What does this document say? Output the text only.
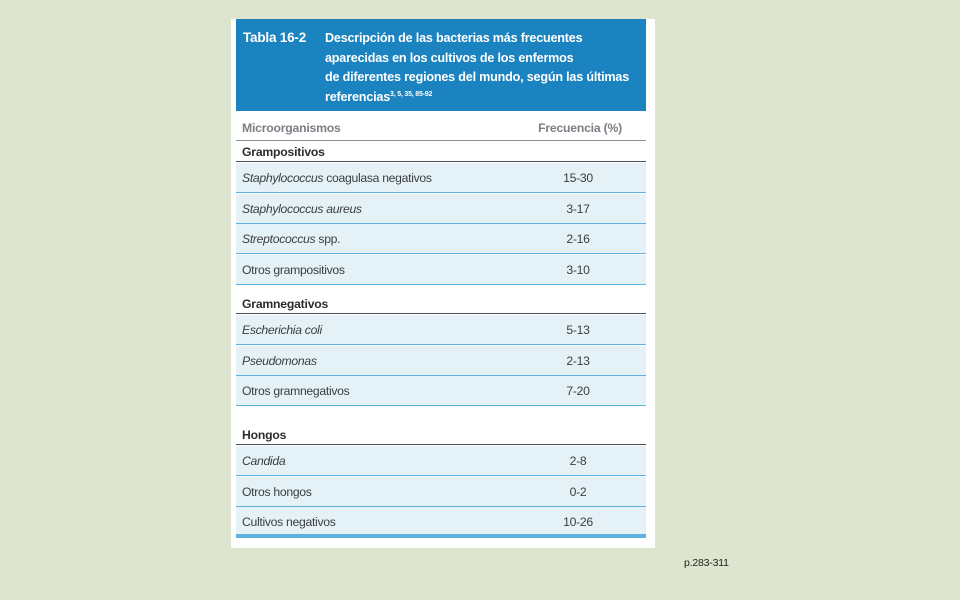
Tabla 16-2 Descripción de las bacterias más frecuentes
aparecidas en los cultivos de los enfermos
de diferentes regiones del mundo, según las últimas
referencias$^{3, 5, 35, 85-92}$
Microorganismos	Frecuencia (%)
Grampositivos
Staphylococcus coagulasa negativos	15-30
Staphylococcus aureus	3-17
Streptococcus spp.	2-16
Otros grampositivos	3-10
Gramnegativos
Escherichia coli	5-13
Pseudomonas	2-13
Otros gramnegativos	7-20
Hongos
Candida	2-8
Otros hongos	0-2
Cultivos negativos	10-26
p.283-311
